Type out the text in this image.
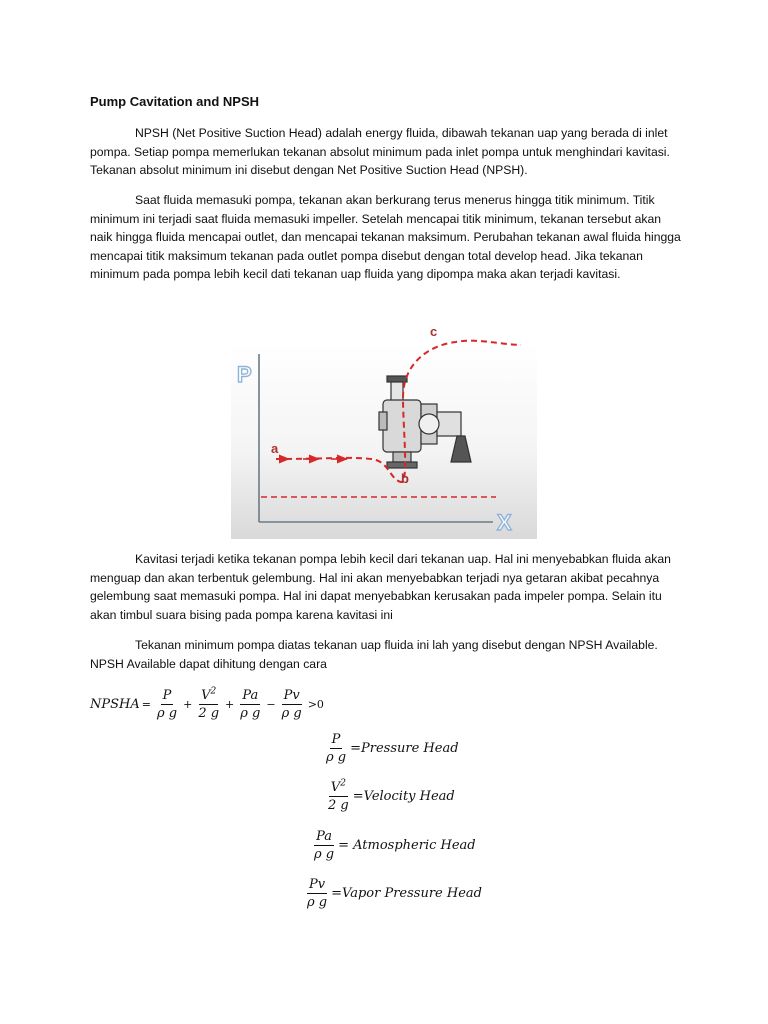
Pump Cavitation and NPSH

NPSH (Net Positive Suction Head) adalah energy fluida, dibawah tekanan uap yang berada di inlet pompa. Setiap pompa memerlukan tekanan absolut minimum pada inlet pompa untuk menghindari kavitasi. Tekanan absolut minimum ini disebut dengan Net Positive Suction Head (NPSH).

Saat fluida memasuki pompa, tekanan akan berkurang terus menerus hingga titik minimum. Titik minimum ini terjadi saat fluida memasuki impeller. Setelah mencapai titik minimum, tekanan tersebut akan naik hingga fluida mencapai outlet, dan mencapai tekanan maksimum. Perubahan tekanan awal fluida hingga mencapai titik maksimum tekanan pada outlet pompa disebut dengan total develop head. Jika tekanan minimum pada pompa lebih kecil dati tekanan uap fluida yang dipompa maka akan terjadi kavitasi.

P
X
a
b
c

Kavitasi terjadi ketika tekanan pompa lebih kecil dari tekanan uap. Hal ini menyebabkan fluida akan menguap dan akan terbentuk gelembung. Hal ini akan menyebabkan terjadi nya getaran akibat pecahnya gelembung saat memasuki pompa. Hal ini dapat menyebabkan kerusakan pada impeler pompa. Selain itu akan timbul suara bising pada pompa karena kavitasi ini

Tekanan minimum pompa diatas tekanan uap fluida ini lah yang disebut dengan NPSH Available. NPSH Available dapat dihitung dengan cara

NPSHA = $\frac{P}{\text{ρ g}} + \frac{V^2}{2 g} + \frac{Pa}{\text{ρ g}} - \frac{Pv}{\text{ρ g}} >0$
$\frac{P}{\text{ρ g}}$ =Pressure Head
$\frac{V^2}{2 g}$ =Velocity Head
$\frac{Pa}{\text{ρ g}}$ = Atmospheric Head
$\frac{Pv}{\text{ρ g}}$ =Vapor Pressure Head
